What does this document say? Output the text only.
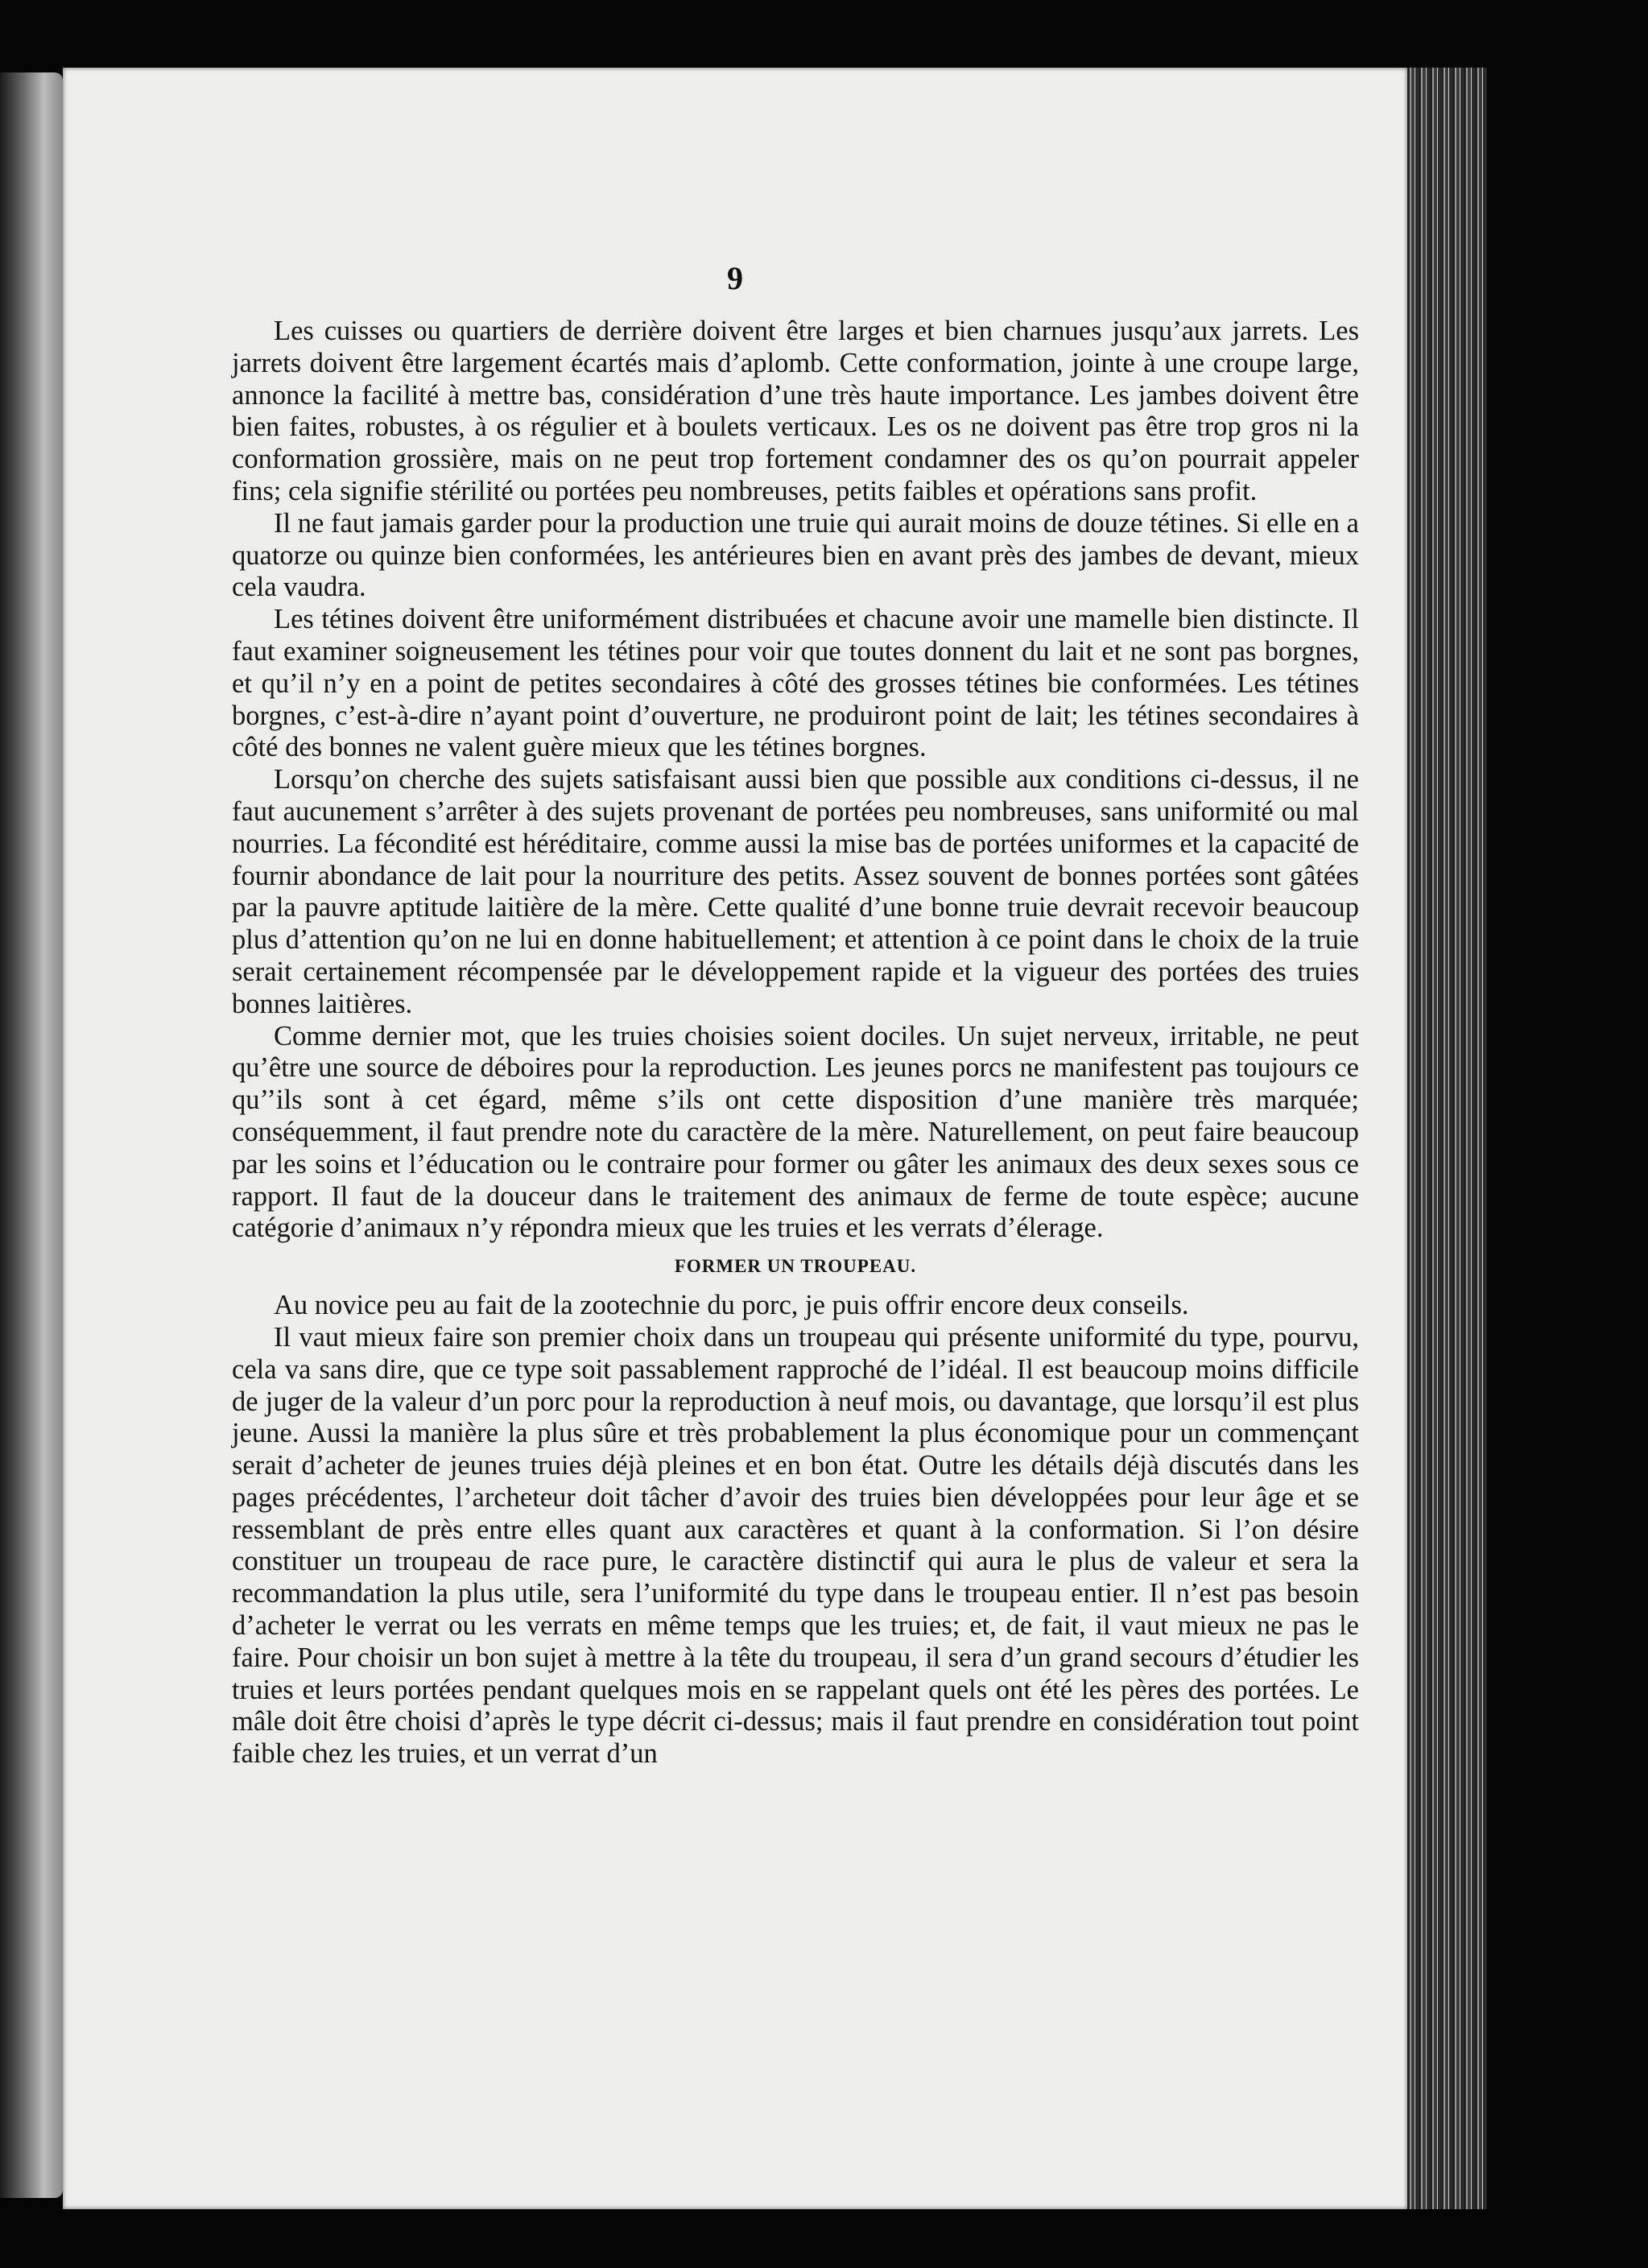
9

Les cuisses ou quartiers de derrière doivent être larges et bien charnues jusqu’aux jarrets. Les jarrets doivent être largement écartés mais d’aplomb. Cette conformation, jointe à une croupe large, annonce la facilité à mettre bas, considération d’une très haute importance. Les jambes doivent être bien faites, robustes, à os régulier et à boulets verticaux. Les os ne doivent pas être trop gros ni la conformation grossière, mais on ne peut trop fortement condamner des os qu’on pourrait appeler fins; cela signifie stérilité ou portées peu nombreuses, petits faibles et opérations sans profit.

Il ne faut jamais garder pour la production une truie qui aurait moins de douze tétines. Si elle en a quatorze ou quinze bien conformées, les antérieures bien en avant près des jambes de devant, mieux cela vaudra.

Les tétines doivent être uniformément distribuées et chacune avoir une mamelle bien distincte. Il faut examiner soigneusement les tétines pour voir que toutes donnent du lait et ne sont pas borgnes, et qu’il n’y en a point de petites secondaires à côté des grosses tétines bie conformées. Les tétines borgnes, c’est-à-dire n’ayant point d’ouverture, ne produiront point de lait; les tétines secondaires à côté des bonnes ne valent guère mieux que les tétines borgnes.

Lorsqu’on cherche des sujets satisfaisant aussi bien que possible aux conditions ci-dessus, il ne faut aucunement s’arrêter à des sujets provenant de portées peu nombreuses, sans uniformité ou mal nourries. La fécondité est héréditaire, comme aussi la mise bas de portées uniformes et la capacité de fournir abondance de lait pour la nourriture des petits. Assez souvent de bonnes portées sont gâtées par la pauvre aptitude laitière de la mère. Cette qualité d’une bonne truie devrait recevoir beaucoup plus d’attention qu’on ne lui en donne habituellement; et attention à ce point dans le choix de la truie serait certainement récompensée par le développement rapide et la vigueur des portées des truies bonnes laitières.

Comme dernier mot, que les truies choisies soient dociles. Un sujet nerveux, irritable, ne peut qu’être une source de déboires pour la reproduction. Les jeunes porcs ne manifestent pas toujours ce qu’’ils sont à cet égard, même s’ils ont cette disposition d’une manière très marquée; conséquemment, il faut prendre note du caractère de la mère. Naturellement, on peut faire beaucoup par les soins et l’éducation ou le contraire pour former ou gâter les animaux des deux sexes sous ce rapport. Il faut de la douceur dans le traitement des animaux de ferme de toute espèce; aucune catégorie d’animaux n’y répondra mieux que les truies et les verrats d’élerage.

FORMER UN TROUPEAU.

Au novice peu au fait de la zootechnie du porc, je puis offrir encore deux conseils.

Il vaut mieux faire son premier choix dans un troupeau qui présente uniformité du type, pourvu, cela va sans dire, que ce type soit passablement rapproché de l’idéal. Il est beaucoup moins difficile de juger de la valeur d’un porc pour la reproduction à neuf mois, ou davantage, que lorsqu’il est plus jeune. Aussi la manière la plus sûre et très probablement la plus économique pour un commençant serait d’acheter de jeunes truies déjà pleines et en bon état. Outre les détails déjà discutés dans les pages précédentes, l’archeteur doit tâcher d’avoir des truies bien développées pour leur âge et se ressemblant de près entre elles quant aux caractères et quant à la conformation. Si l’on désire constituer un troupeau de race pure, le caractère distinctif qui aura le plus de valeur et sera la recommandation la plus utile, sera l’uniformité du type dans le troupeau entier. Il n’est pas besoin d’acheter le verrat ou les verrats en même temps que les truies; et, de fait, il vaut mieux ne pas le faire. Pour choisir un bon sujet à mettre à la tête du troupeau, il sera d’un grand secours d’étudier les truies et leurs portées pendant quelques mois en se rappelant quels ont été les pères des portées. Le mâle doit être choisi d’après le type décrit ci-dessus; mais il faut prendre en considération tout point faible chez les truies, et un verrat d’un
